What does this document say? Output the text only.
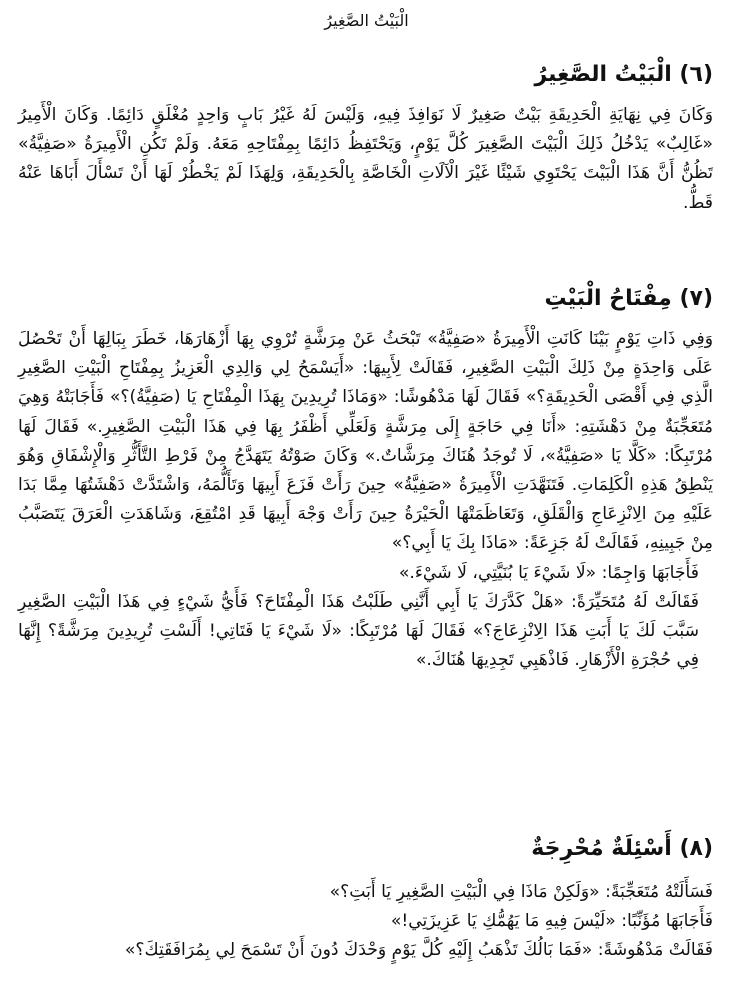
الْبَيْتُ الصَّغِيرُ
(٦) الْبَيْتُ الصَّغِيرُ

وَكَانَ فِي نِهَايَةِ الْحَدِيقَةِ بَيْتٌ صَغِيرٌ لَا نَوَافِذَ فِيهِ، وَلَيْسَ لَهُ غَيْرُ بَابٍ وَاحِدٍ مُغْلَقٍ دَائِمًا. وَكَانَ الْأَمِيرُ «غَالِبٌ» يَدْخُلُ ذَلِكَ الْبَيْتَ الصَّغِيرَ كُلَّ يَوْمٍ، وَيَحْتَفِظُ دَائِمًا بِمِفْتَاحِهِ مَعَهُ. وَلَمْ تَكُنِ الْأَمِيرَةُ «صَفِيَّةُ» تَظُنُّ أَنَّ هَذَا الْبَيْتَ يَحْتَوِي شَيْئًا غَيْرَ الْآلَاتِ الْخَاصَّةِ بِالْحَدِيقَةِ، وَلِهَذَا لَمْ يَخْطُرْ لَهَا أَنْ تَسْأَلَ أَبَاهَا عَنْهُ قَطُّ.

(٧) مِفْتَاحُ الْبَيْتِ

وَفِي ذَاتِ يَوْمٍ بَيْنَا كَانَتِ الْأَمِيرَةُ «صَفِيَّةُ» تَبْحَثُ عَنْ مِرَشَّةٍ تُرْوِي بِهَا أَزْهَارَهَا، خَطَرَ بِبَالِهَا أَنْ تَحْصُلَ عَلَى وَاحِدَةٍ مِنْ ذَلِكَ الْبَيْتِ الصَّغِيرِ، فَقَالَتْ لِأَبِيهَا: «أَيَسْمَحُ لِي وَالِدِي الْعَزِيزُ بِمِفْتَاحِ الْبَيْتِ الصَّغِيرِ الَّذِي فِي أَقْصَى الْحَدِيقَةِ؟» فَقَالَ لَهَا مَدْهُوشًا: «وَمَاذَا تُرِيدِينَ بِهَذَا الْمِفْتَاحِ يَا (صَفِيَّةُ)؟» فَأَجَابَتْهُ وَهِيَ مُتَعَجِّبَةٌ مِنْ دَهْشَتِهِ: «أَنَا فِي حَاجَةٍ إِلَى مِرَشَّةٍ وَلَعَلِّي أَظْفَرُ بِهَا فِي هَذَا الْبَيْتِ الصَّغِيرِ.» فَقَالَ لَهَا مُرْتَبِكًا: «كَلَّا يَا «صَفِيَّةُ»، لَا تُوجَدُ هُنَاكَ مِرَشَّاتٌ.» وَكَانَ صَوْتُهُ يَتَهَدَّجُ مِنْ فَرْطِ التَّأَثُّرِ وَالْإِشْفَاقِ وَهُوَ يَنْطِقُ هَذِهِ الْكَلِمَاتِ. فَتَنَهَّدَتِ الْأَمِيرَةُ «صَفِيَّةُ» حِينَ رَأَتْ فَزَعَ أَبِيهَا وَتَأَلُّمَهُ، وَاشْتَدَّتْ دَهْشَتُهَا مِمَّا بَدَا عَلَيْهِ مِنَ الِانْزِعَاجِ وَالْقَلَقِ، وَتَعَاظَمَتْهَا الْحَيْرَةُ حِينَ رَأَتْ وَجْهَ أَبِيهَا قَدِ امْتُقِعَ، وَشَاهَدَتِ الْعَرَقَ يَتَصَبَّبُ مِنْ جَبِينِهِ، فَقَالَتْ لَهُ جَزِعَةً: «مَاذَا بِكَ يَا أَبِي؟»

فَأَجَابَهَا وَاجِمًا: «لَا شَيْءَ يَا بُنَيَّتِي، لَا شَيْءَ.»

فَقَالَتْ لَهُ مُتَحَيِّرَةً: «هَلْ كَدَّرَكَ يَا أَبِي أَنَّنِي طَلَبْتُ هَذَا الْمِفْتَاحَ؟ فَأَيُّ شَيْءٍ فِي هَذَا الْبَيْتِ الصَّغِيرِ سَبَّبَ لَكَ يَا أَبَتِ هَذَا الِانْزِعَاجَ؟» فَقَالَ لَهَا مُرْتَبِكًا: «لَا شَيْءَ يَا فَتَاتِي! أَلَسْتِ تُرِيدِينَ مِرَشَّةً؟ إِنَّهَا فِي حُجْرَةِ الْأَزْهَارِ. فَاذْهَبِي تَجِدِيهَا هُنَاكَ.»

(٨) أَسْئِلَةٌ مُحْرِجَةٌ

فَسَأَلَتْهُ مُتَعَجِّبَةً: «وَلَكِنْ مَاذَا فِي الْبَيْتِ الصَّغِيرِ يَا أَبَتِ؟»

فَأَجَابَهَا مُؤَنِّبًا: «لَيْسَ فِيهِ مَا يَهُمُّكِ يَا عَزِيزَتِي!»

فَقَالَتْ مَدْهُوشَةً: «فَمَا بَالُكَ تَذْهَبُ إِلَيْهِ كُلَّ يَوْمٍ وَحْدَكَ دُونَ أَنْ تَسْمَحَ لِي بِمُرَافَقَتِكَ؟»
